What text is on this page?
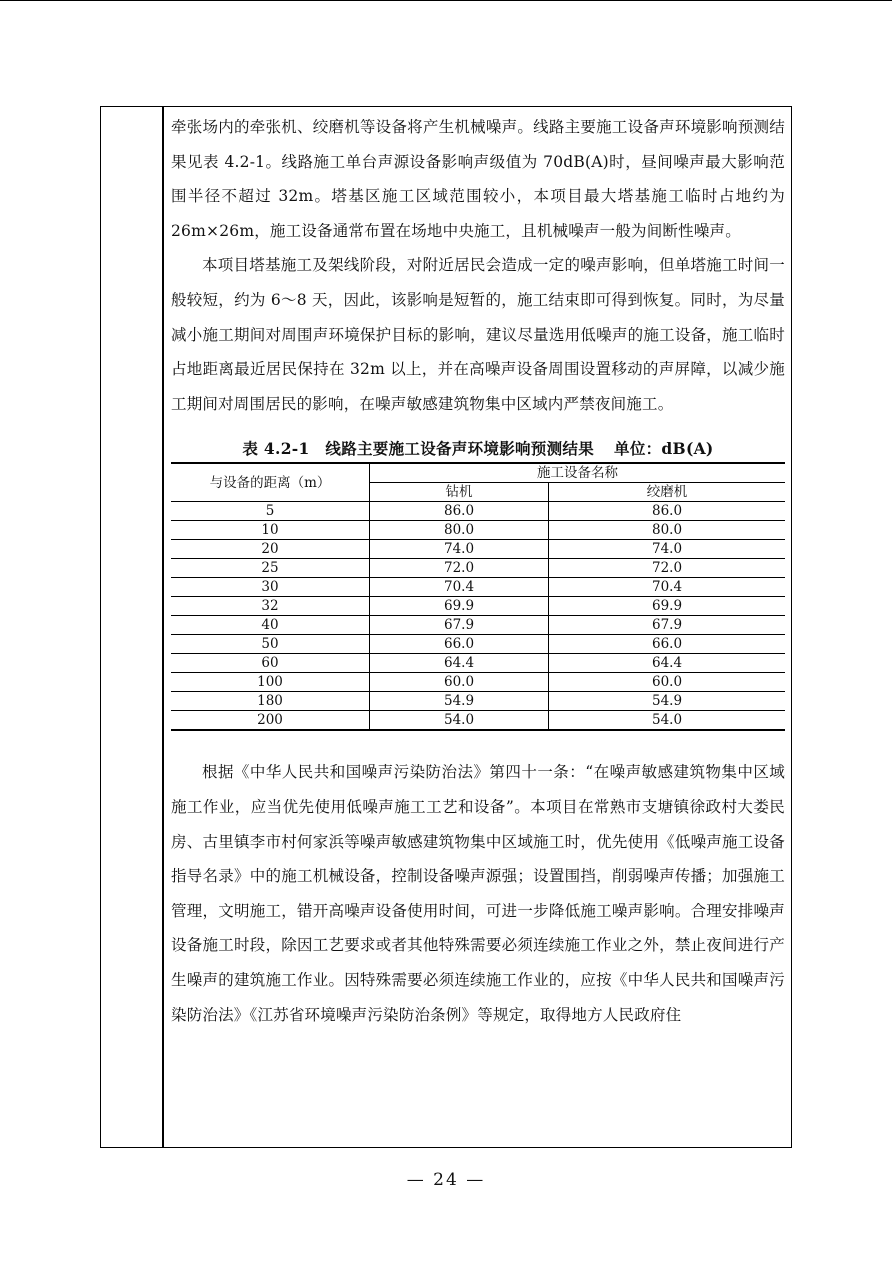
牵张场内的牵张机、绞磨机等设备将产生机械噪声。线路主要施工设备声环境影响预测结果见表 4.2-1。线路施工单台声源设备影响声级值为 70dB(A)时，昼间噪声最大影响范围半径不超过 32m。塔基区施工区域范围较小，本项目最大塔基施工临时占地约为 26m×26m，施工设备通常布置在场地中央施工，且机械噪声一般为间断性噪声。

本项目塔基施工及架线阶段，对附近居民会造成一定的噪声影响，但单塔施工时间一般较短，约为 6～8 天，因此，该影响是短暂的，施工结束即可得到恢复。同时，为尽量减小施工期间对周围声环境保护目标的影响，建议尽量选用低噪声的施工设备，施工临时占地距离最近居民保持在 32m 以上，并在高噪声设备周围设置移动的声屏障，以减少施工期间对周围居民的影响，在噪声敏感建筑物集中区域内严禁夜间施工。

表 4.2-1　线路主要施工设备声环境影响预测结果 单位：dB(A)
与设备的距离（m）	施工设备名称	
	钻机	绞磨机
5	86.0	86.0
10	80.0	80.0
20	74.0	74.0
25	72.0	72.0
30	70.4	70.4
32	69.9	69.9
40	67.9	67.9
50	66.0	66.0
60	64.4	64.4
100	60.0	60.0
180	54.9	54.9
200	54.0	54.0

根据《中华人民共和国噪声污染防治法》第四十一条：“在噪声敏感建筑物集中区域施工作业，应当优先使用低噪声施工工艺和设备”。本项目在常熟市支塘镇徐政村大娄民房、古里镇李市村何家浜等噪声敏感建筑物集中区域施工时，优先使用《低噪声施工设备指导名录》中的施工机械设备，控制设备噪声源强；设置围挡，削弱噪声传播；加强施工管理，文明施工，错开高噪声设备使用时间，可进一步降低施工噪声影响。合理安排噪声设备施工时段，除因工艺要求或者其他特殊需要必须连续施工作业之外，禁止夜间进行产生噪声的建筑施工作业。因特殊需要必须连续施工作业的，应按《中华人民共和国噪声污染防治法》《江苏省环境噪声污染防治条例》等规定，取得地方人民政府住

— 24 —
